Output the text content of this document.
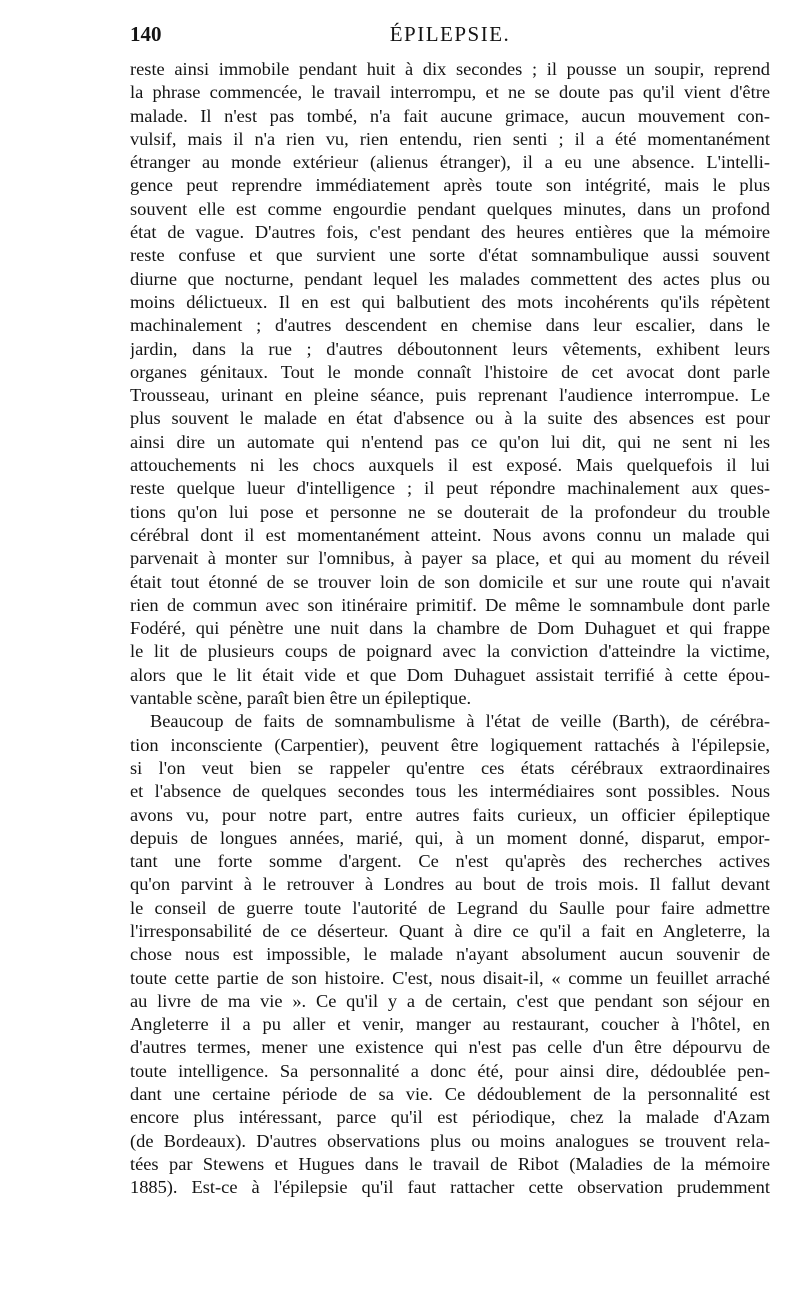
140	ÉPILEPSIE.
reste ainsi immobile pendant huit à dix secondes ; il pousse un soupir, reprend
la phrase commencée, le travail interrompu, et ne se doute pas qu'il vient d'être
malade. Il n'est pas tombé, n'a fait aucune grimace, aucun mouvement con-
vulsif, mais il n'a rien vu, rien entendu, rien senti ; il a été momentanément
étranger au monde extérieur (alienus étranger), il a eu une absence. L'intelli-
gence peut reprendre immédiatement après toute son intégrité, mais le plus
souvent elle est comme engourdie pendant quelques minutes, dans un profond
état de vague. D'autres fois, c'est pendant des heures entières que la mémoire
reste confuse et que survient une sorte d'état somnambulique aussi souvent
diurne que nocturne, pendant lequel les malades commettent des actes plus ou
moins délictueux. Il en est qui balbutient des mots incohérents qu'ils répètent
machinalement ; d'autres descendent en chemise dans leur escalier, dans le
jardin, dans la rue ; d'autres déboutonnent leurs vêtements, exhibent leurs
organes génitaux. Tout le monde connaît l'histoire de cet avocat dont parle
Trousseau, urinant en pleine séance, puis reprenant l'audience interrompue. Le
plus souvent le malade en état d'absence ou à la suite des absences est pour
ainsi dire un automate qui n'entend pas ce qu'on lui dit, qui ne sent ni les
attouchements ni les chocs auxquels il est exposé. Mais quelquefois il lui
reste quelque lueur d'intelligence ; il peut répondre machinalement aux ques-
tions qu'on lui pose et personne ne se douterait de la profondeur du trouble
cérébral dont il est momentanément atteint. Nous avons connu un malade qui
parvenait à monter sur l'omnibus, à payer sa place, et qui au moment du réveil
était tout étonné de se trouver loin de son domicile et sur une route qui n'avait
rien de commun avec son itinéraire primitif. De même le somnambule dont parle
Fodéré, qui pénètre une nuit dans la chambre de Dom Duhaguet et qui frappe
le lit de plusieurs coups de poignard avec la conviction d'atteindre la victime,
alors que le lit était vide et que Dom Duhaguet assistait terrifié à cette épou-
vantable scène, paraît bien être un épileptique.
Beaucoup de faits de somnambulisme à l'état de veille (Barth), de cérébra-
tion inconsciente (Carpentier), peuvent être logiquement rattachés à l'épilepsie,
si l'on veut bien se rappeler qu'entre ces états cérébraux extraordinaires
et l'absence de quelques secondes tous les intermédiaires sont possibles. Nous
avons vu, pour notre part, entre autres faits curieux, un officier épileptique
depuis de longues années, marié, qui, à un moment donné, disparut, empor-
tant une forte somme d'argent. Ce n'est qu'après des recherches actives
qu'on parvint à le retrouver à Londres au bout de trois mois. Il fallut devant
le conseil de guerre toute l'autorité de Legrand du Saulle pour faire admettre
l'irresponsabilité de ce déserteur. Quant à dire ce qu'il a fait en Angleterre, la
chose nous est impossible, le malade n'ayant absolument aucun souvenir de
toute cette partie de son histoire. C'est, nous disait-il, « comme un feuillet arraché
au livre de ma vie ». Ce qu'il y a de certain, c'est que pendant son séjour en
Angleterre il a pu aller et venir, manger au restaurant, coucher à l'hôtel, en
d'autres termes, mener une existence qui n'est pas celle d'un être dépourvu de
toute intelligence. Sa personnalité a donc été, pour ainsi dire, dédoublée pen-
dant une certaine période de sa vie. Ce dédoublement de la personnalité est
encore plus intéressant, parce qu'il est périodique, chez la malade d'Azam
(de Bordeaux). D'autres observations plus ou moins analogues se trouvent rela-
tées par Stewens et Hugues dans le travail de Ribot (Maladies de la mémoire
1885). Est-ce à l'épilepsie qu'il faut rattacher cette observation prudemment
